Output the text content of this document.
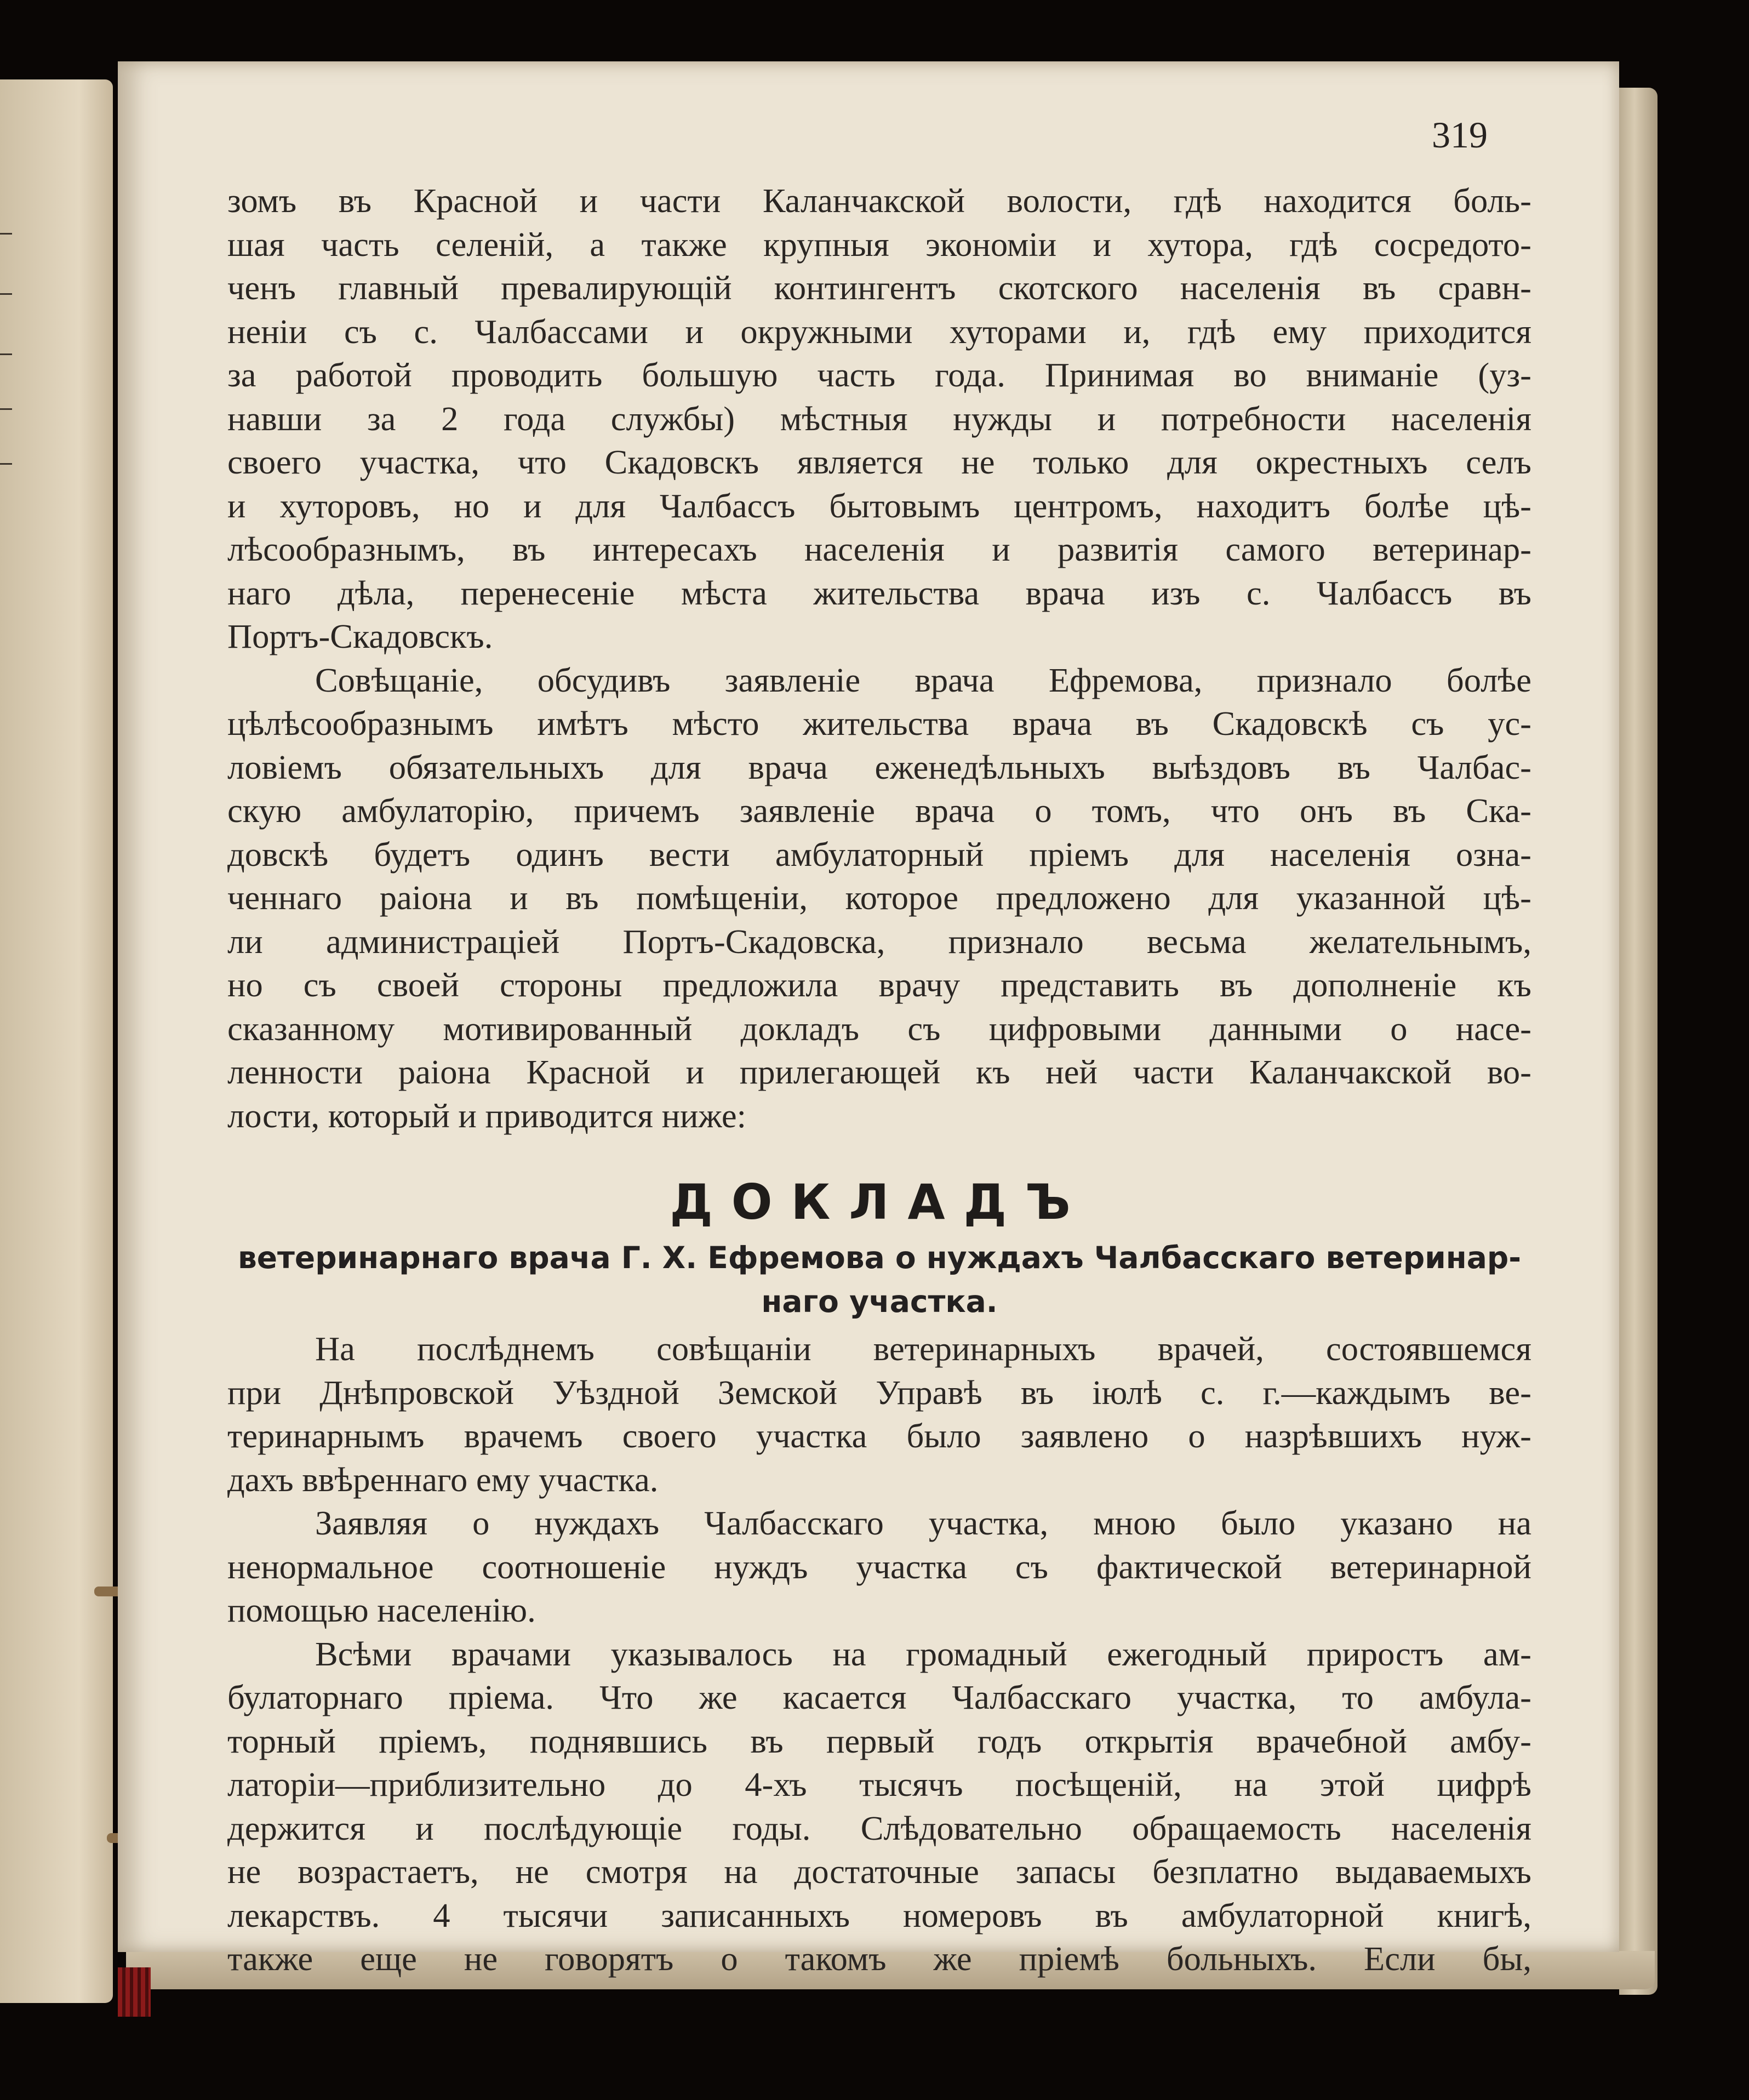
319
зомъ въ Красной и части Каланчакской волости, гдѣ находится боль-
шая часть селеній, а также крупныя экономіи и хутора, гдѣ сосредото-
ченъ главный превалирующій контингентъ скотского населенія въ сравн-
неніи съ с. Чалбассами и окружными хуторами и, гдѣ ему приходится
за работой проводить большую часть года. Принимая во вниманіе (уз-
навши за 2 года службы) мѣстныя нужды и потребности населенія
своего участка, что Скадовскъ является не только для окрестныхъ селъ
и хуторовъ, но и для Чалбассъ бытовымъ центромъ, находитъ болѣе цѣ-
лѣсообразнымъ, въ интересахъ населенія и развитія самого ветеринар-
наго дѣла, перенесеніе мѣста жительства врача изъ с. Чалбассъ въ
Портъ-Скадовскъ.
Совѣщаніе, обсудивъ заявленіе врача Ефремова, признало болѣе
цѣлѣсообразнымъ имѣтъ мѣсто жительства врача въ Скадовскѣ съ ус-
ловіемъ обязательныхъ для врача еженедѣльныхъ выѣздовъ въ Чалбас-
скую амбулаторію, причемъ заявленіе врача о томъ, что онъ въ Ска-
довскѣ будетъ одинъ вести амбулаторный пріемъ для населенія озна-
ченнаго раіона и въ помѣщеніи, которое предложено для указанной цѣ-
ли администраціей Портъ-Скадовска, признало весьма желательнымъ,
но съ своей стороны предложила врачу представить въ дополненіе къ
сказанному мотивированный докладъ съ цифровыми данными о насе-
ленности раіона Красной и прилегающей къ ней части Каланчакской во-
лости, который и приводится ниже:
ДОКЛАДЪ
ветеринарнаго врача Г. Х. Ефремова о нуждахъ Чалбасскаго ветеринар-
наго участка.
На послѣднемъ совѣщаніи ветеринарныхъ врачей, состоявшемся
при Днѣпровской Уѣздной Земской Управѣ въ іюлѣ с. г.—каждымъ ве-
теринарнымъ врачемъ своего участка было заявлено о назрѣвшихъ нуж-
дахъ ввѣреннаго ему участка.
Заявляя о нуждахъ Чалбасскаго участка, мною было указано на
ненормальное соотношеніе нуждъ участка съ фактической ветеринарной
помощью населенію.
Всѣми врачами указывалось на громадный ежегодный приростъ ам-
булаторнаго пріема. Что же касается Чалбасскаго участка, то амбула-
торный пріемъ, поднявшись въ первый годъ открытія врачебной амбу-
латоріи—приблизительно до 4-хъ тысячъ посѣщеній, на этой цифрѣ
держится и послѣдующіе годы. Слѣдовательно обращаемость населенія
не возрастаетъ, не смотря на достаточные запасы безплатно выдаваемыхъ
лекарствъ. 4 тысячи записанныхъ номеровъ въ амбулаторной книгѣ,
также еще не говорятъ о такомъ же пріемѣ больныхъ. Если бы,
